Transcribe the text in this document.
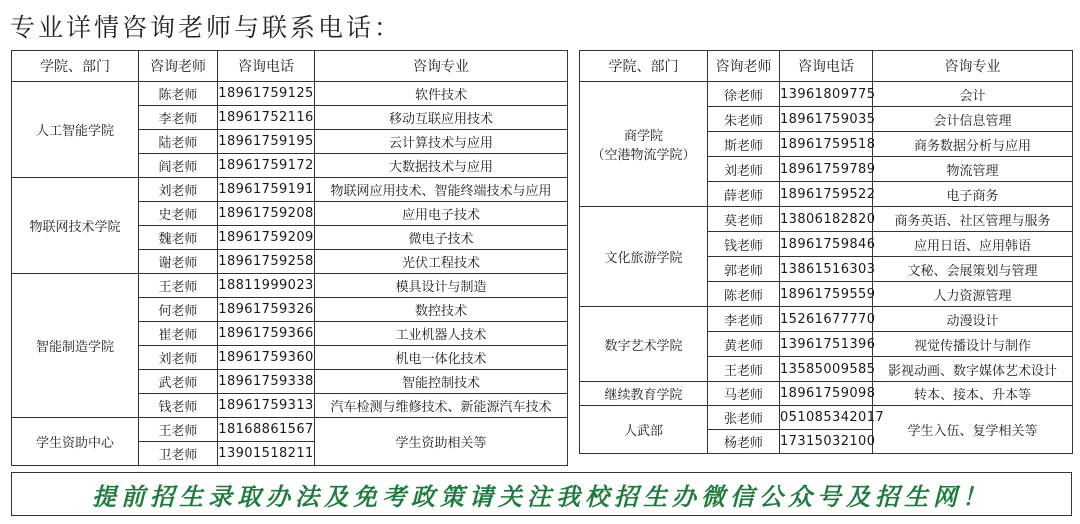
专业详情咨询老师与联系电话：
学院、部门	咨询老师	咨询电话	咨询专业

人工智能学院	陈老师	18961759125	软件技术
	李老师	18961752116	移动互联应用技术
	陆老师	18961759195	云计算技术与应用
	阎老师	18961759172	大数据技术与应用

物联网技术学院	刘老师	18961759191	物联网应用技术、智能终端技术与应用
	史老师	18961759208	应用电子技术
	魏老师	18961759209	微电子技术
	谢老师	18961759258	光伏工程技术

智能制造学院	王老师	18811999023	模具设计与制造
	何老师	18961759326	数控技术
	崔老师	18961759366	工业机器人技术
	刘老师	18961759360	机电一体化技术
	武老师	18961759338	智能控制技术
	钱老师	18961759313	汽车检测与维修技术、新能源汽车技术

学生资助中心	王老师	18168861567	学生资助相关等
	卫老师	13901518211	
学院、部门	咨询老师	咨询电话	咨询专业

商学院
（空港物流学院）	徐老师	13961809775	会计
	朱老师	18961759035	会计信息管理
	斯老师	18961759518	商务数据分析与应用
	刘老师	18961759789	物流管理
	薛老师	18961759522	电子商务

文化旅游学院	莫老师	13806182820	商务英语、社区管理与服务
	钱老师	18961759846	应用日语、应用韩语
	郭老师	13861516303	文秘、会展策划与管理
	陈老师	18961759559	人力资源管理

数字艺术学院	李老师	15261677770	动漫设计
	黄老师	13961751396	视觉传播设计与制作
	王老师	13585009585	影视动画、数字媒体艺术设计

继续教育学院	马老师	18961759098	转本、接本、升本等

人武部	张老师	051085342017	学生入伍、复学相关等
	杨老师	17315032100	
提前招生录取办法及免考政策请关注我校招生办微信公众号及招生网！
